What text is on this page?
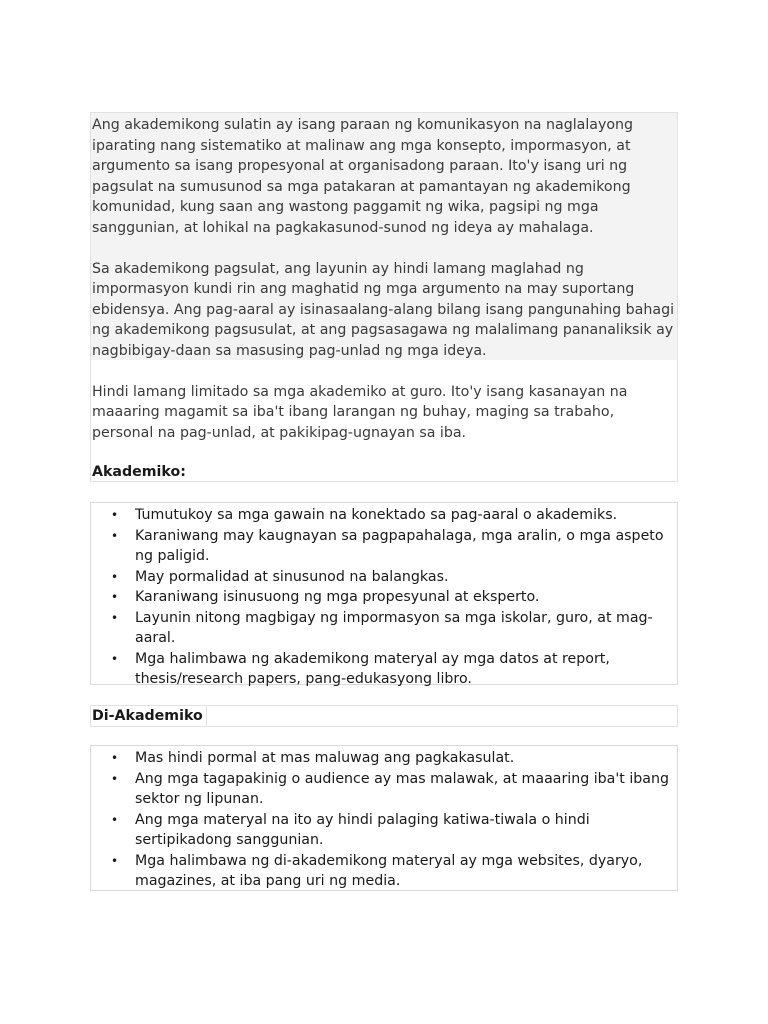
Ang akademikong sulatin ay isang paraan ng komunikasyon na naglalayong iparating nang sistematiko at malinaw ang mga konsepto, impormasyon, at argumento sa isang propesyonal at organisadong paraan. Ito'y isang uri ng pagsulat na sumusunod sa mga patakaran at pamantayan ng akademikong komunidad, kung saan ang wastong paggamit ng wika, pagsipi ng mga sanggunian, at lohikal na pagkakasunod-sunod ng ideya ay mahalaga.

Sa akademikong pagsulat, ang layunin ay hindi lamang maglahad ng impormasyon kundi rin ang maghatid ng mga argumento na may suportang ebidensya. Ang pag-aaral ay isinasaalang-alang bilang isang pangunahing bahagi ng akademikong pagsusulat, at ang pagsasagawa ng malalimang pananaliksik ay nagbibigay-daan sa masusing pag-unlad ng mga ideya.

Hindi lamang limitado sa mga akademiko at guro. Ito'y isang kasanayan na maaaring magamit sa iba't ibang larangan ng buhay, maging sa trabaho, personal na pag-unlad, at pakikipag-ugnayan sa iba.

Akademiko:
• Tumutukoy sa mga gawain na konektado sa pag-aaral o akademiks.
• Karaniwang may kaugnayan sa pagpapahalaga, mga aralin, o mga aspeto ng paligid.
• May pormalidad at sinusunod na balangkas.
• Karaniwang isinusuong ng mga propesyunal at eksperto.
• Layunin nitong magbigay ng impormasyon sa mga iskolar, guro, at mag-aaral.
• Mga halimbawa ng akademikong materyal ay mga datos at report, thesis/research papers, pang-edukasyong libro.
Di-Akademiko
• Mas hindi pormal at mas maluwag ang pagkakasulat.
• Ang mga tagapakinig o audience ay mas malawak, at maaaring iba't ibang sektor ng lipunan.
• Ang mga materyal na ito ay hindi palaging katiwa-tiwala o hindi sertipikadong sanggunian.
• Mga halimbawa ng di-akademikong materyal ay mga websites, dyaryo, magazines, at iba pang uri ng media.
